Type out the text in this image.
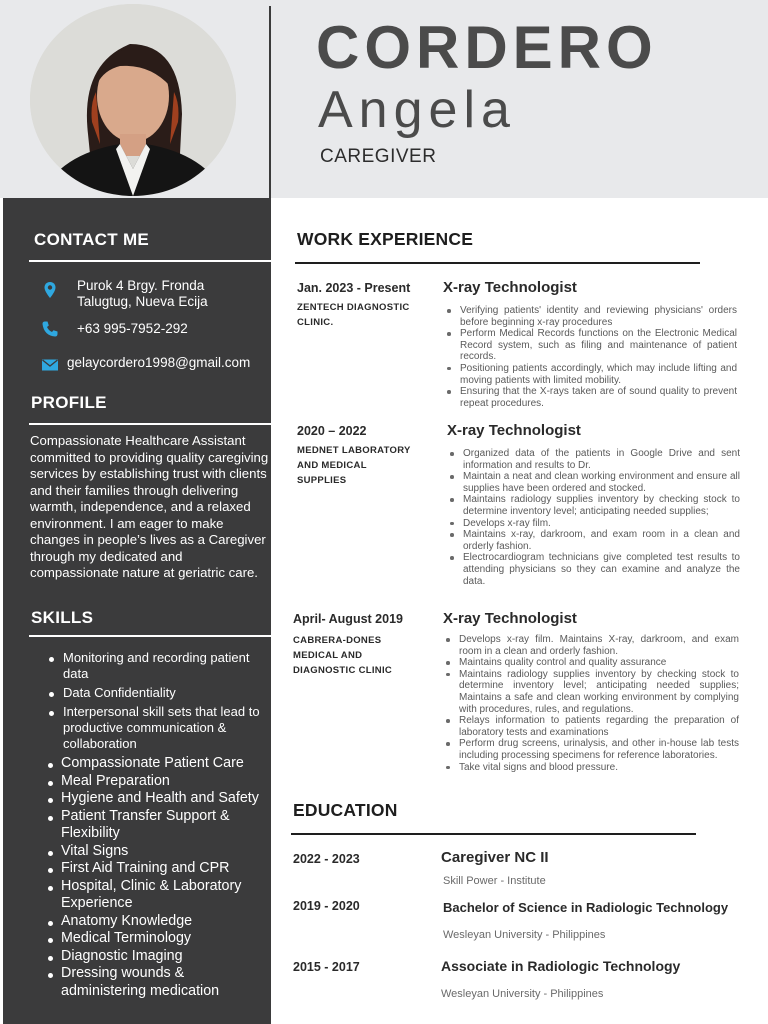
CORDERO
Angela
CAREGIVER
CONTACT ME
Purok 4 Brgy. Fronda
Talugtug, Nueva Ecija
+63 995-7952-292
gelaycordero1998@gmail.com
PROFILE
Compassionate Healthcare Assistant committed to providing quality caregiving services by establishing trust with clients and their families through delivering warmth, independence, and a relaxed environment. I am eager to make changes in people’s lives as a Caregiver through my dedicated and compassionate nature at geriatric care.
SKILLS
Monitoring and recording patient data
Data Confidentiality
Interpersonal skill sets that lead to productive communication & collaboration
Compassionate Patient Care
Meal Preparation
Hygiene and Health and Safety
Patient Transfer Support & Flexibility
Vital Signs
First Aid Training and CPR
Hospital, Clinic & Laboratory Experience
Anatomy Knowledge
Medical Terminology
Diagnostic Imaging
Dressing wounds & administering medication
WORK EXPERIENCE
Jan. 2023 - Present
ZENTECH DIAGNOSTIC
CLINIC.
X-ray Technologist
Verifying patients' identity and reviewing physicians' orders before beginning x-ray procedures
Perform Medical Records functions on the Electronic Medical Record system, such as filing and maintenance of patient records.
Positioning patients accordingly, which may include lifting and moving patients with limited mobility.
Ensuring that the X-rays taken are of sound quality to prevent repeat procedures.
2020 – 2022
MEDNET LABORATORY
AND MEDICAL
SUPPLIES
X-ray Technologist
Organized data of the patients in Google Drive and sent information and results to Dr.
Maintain a neat and clean working environment and ensure all supplies have been ordered and stocked.
Maintains radiology supplies inventory by checking stock to determine inventory level; anticipating needed supplies;
Develops x-ray film.
Maintains x-ray, darkroom, and exam room in a clean and orderly fashion.
Electrocardiogram technicians give completed test results to attending physicians so they can examine and analyze the data.
April- August 2019
CABRERA-DONES
MEDICAL AND
DIAGNOSTIC CLINIC
X-ray Technologist
Develops x-ray film. Maintains X-ray, darkroom, and exam room in a clean and orderly fashion.
Maintains quality control and quality assurance
Maintains radiology supplies inventory by checking stock to determine inventory level; anticipating needed supplies; Maintains a safe and clean working environment by complying with procedures, rules, and regulations.
Relays information to patients regarding the preparation of laboratory tests and examinations
Perform drug screens, urinalysis, and other in-house lab tests including processing specimens for reference laboratories.
Take vital signs and blood pressure.
EDUCATION
2022 - 2023	Caregiver NC II
Skill Power - Institute
2019 - 2020	Bachelor of Science in Radiologic Technology
Wesleyan University - Philippines
2015 - 2017	Associate in Radiologic Technology
Wesleyan University - Philippines
